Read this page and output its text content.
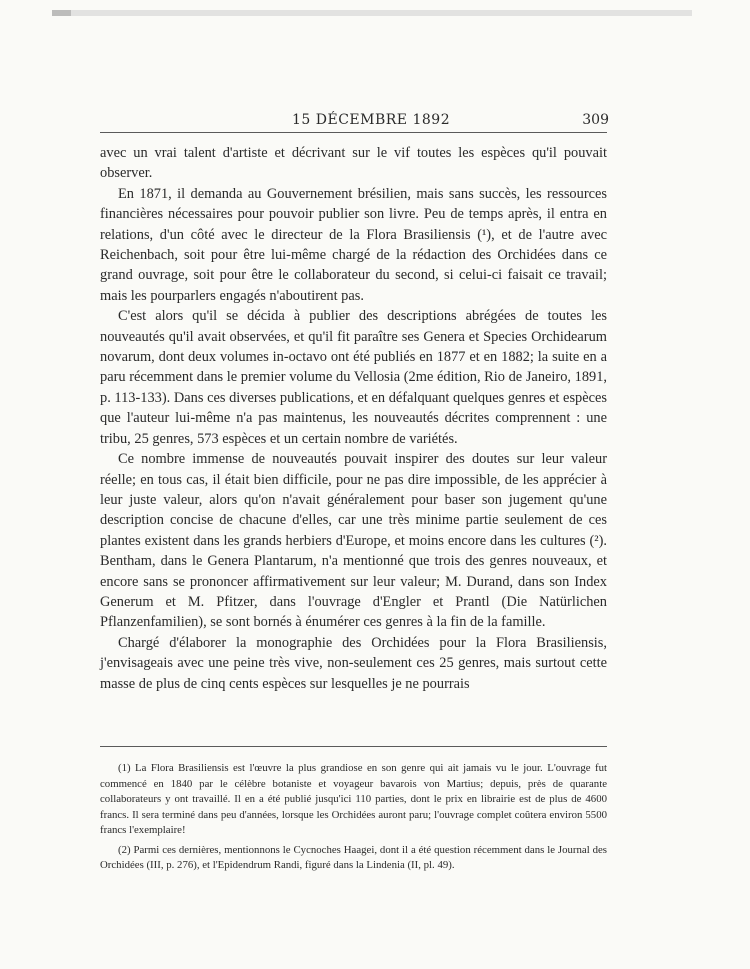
15 DÉCEMBRE 1892	309

avec un vrai talent d'artiste et décrivant sur le vif toutes les espèces qu'il pouvait observer.

En 1871, il demanda au Gouvernement brésilien, mais sans succès, les ressources financières nécessaires pour pouvoir publier son livre. Peu de temps après, il entra en relations, d'un côté avec le directeur de la Flora Brasiliensis (¹), et de l'autre avec Reichenbach, soit pour être lui-même chargé de la rédaction des Orchidées dans ce grand ouvrage, soit pour être le collaborateur du second, si celui-ci faisait ce travail; mais les pourparlers engagés n'aboutirent pas.

C'est alors qu'il se décida à publier des descriptions abrégées de toutes les nouveautés qu'il avait observées, et qu'il fit paraître ses Genera et Species Orchidearum novarum, dont deux volumes in-octavo ont été publiés en 1877 et en 1882; la suite en a paru récemment dans le premier volume du Vellosia (2me édition, Rio de Janeiro, 1891, p. 113-133). Dans ces diverses publications, et en défalquant quelques genres et espèces que l'auteur lui-même n'a pas maintenus, les nouveautés décrites comprennent : une tribu, 25 genres, 573 espèces et un certain nombre de variétés.

Ce nombre immense de nouveautés pouvait inspirer des doutes sur leur valeur réelle; en tous cas, il était bien difficile, pour ne pas dire impossible, de les apprécier à leur juste valeur, alors qu'on n'avait généralement pour baser son jugement qu'une description concise de chacune d'elles, car une très minime partie seulement de ces plantes existent dans les grands herbiers d'Europe, et moins encore dans les cultures (²). Bentham, dans le Genera Plantarum, n'a mentionné que trois des genres nouveaux, et encore sans se prononcer affirmativement sur leur valeur; M. Durand, dans son Index Generum et M. Pfitzer, dans l'ouvrage d'Engler et Prantl (Die Natürlichen Pflanzenfamilien), se sont bornés à énumérer ces genres à la fin de la famille.

Chargé d'élaborer la monographie des Orchidées pour la Flora Brasiliensis, j'envisageais avec une peine très vive, non-seulement ces 25 genres, mais surtout cette masse de plus de cinq cents espèces sur lesquelles je ne pourrais

(1) La Flora Brasiliensis est l'œuvre la plus grandiose en son genre qui ait jamais vu le jour. L'ouvrage fut commencé en 1840 par le célèbre botaniste et voyageur bavarois von Martius; depuis, près de quarante collaborateurs y ont travaillé. Il en a été publié jusqu'ici 110 parties, dont le prix en librairie est de plus de 4600 francs. Il sera terminé dans peu d'années, lorsque les Orchidées auront paru; l'ouvrage complet coûtera environ 5500 francs l'exemplaire!

(2) Parmi ces dernières, mentionnons le Cycnoches Haagei, dont il a été question récemment dans le Journal des Orchidées (III, p. 276), et l'Epidendrum Randi, figuré dans la Lindenia (II, pl. 49).
